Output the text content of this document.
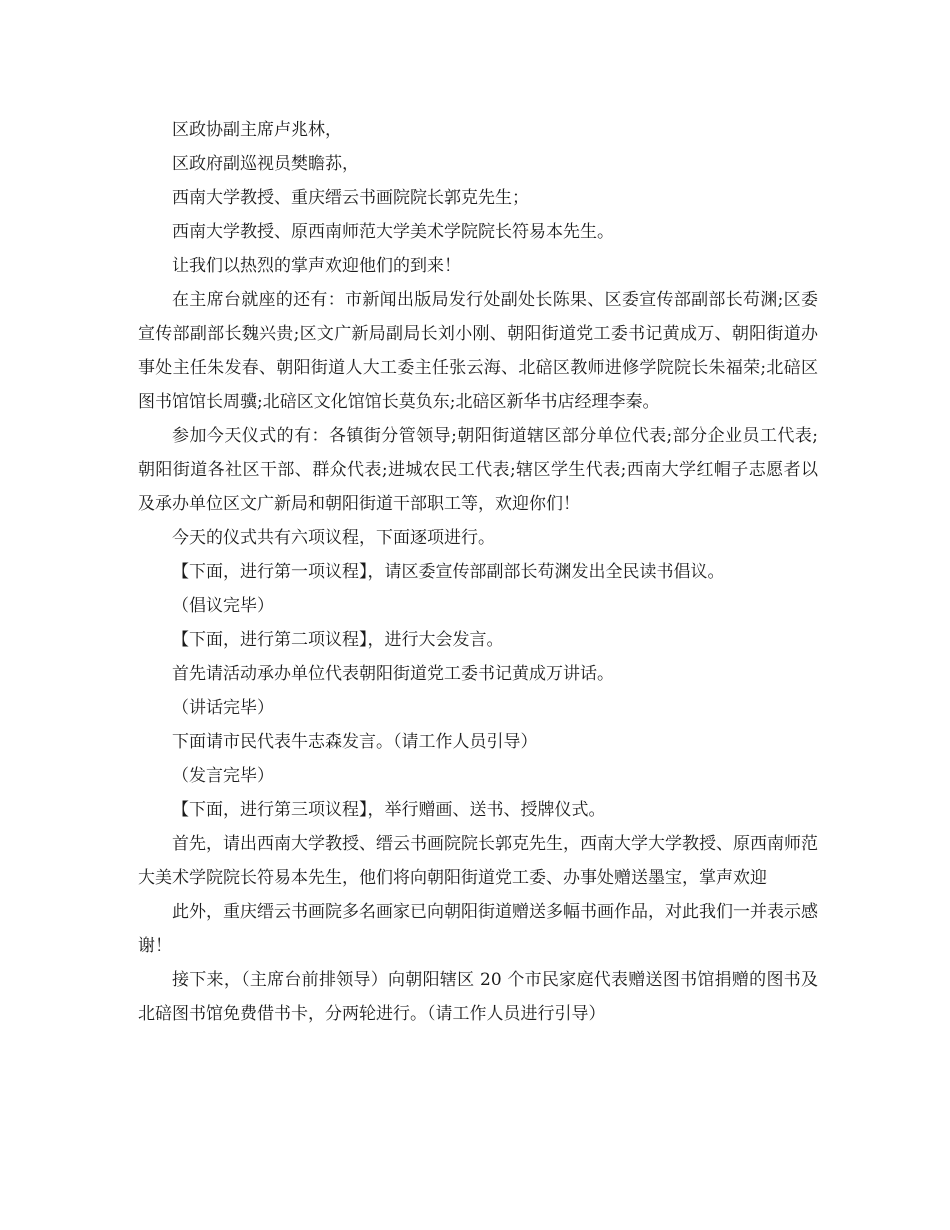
区政协副主席卢兆林，

区政府副巡视员樊瞻荪，

西南大学教授、重庆缙云书画院院长郭克先生；

西南大学教授、原西南师范大学美术学院院长符易本先生。

让我们以热烈的掌声欢迎他们的到来！

在主席台就座的还有：市新闻出版局发行处副处长陈果、区委宣传部副部长苟渊;区委宣传部副部长魏兴贵;区文广新局副局长刘小刚、朝阳街道党工委书记黄成万、朝阳街道办事处主任朱发春、朝阳街道人大工委主任张云海、北碚区教师进修学院院长朱福荣;北碚区图书馆馆长周骥;北碚区文化馆馆长莫负东;北碚区新华书店经理李秦。

参加今天仪式的有：各镇街分管领导;朝阳街道辖区部分单位代表;部分企业员工代表;朝阳街道各社区干部、群众代表;进城农民工代表;辖区学生代表;西南大学红帽子志愿者以及承办单位区文广新局和朝阳街道干部职工等，欢迎你们！

今天的仪式共有六项议程，下面逐项进行。

【下面，进行第一项议程】，请区委宣传部副部长苟渊发出全民读书倡议。

（倡议完毕）

【下面，进行第二项议程】，进行大会发言。

首先请活动承办单位代表朝阳街道党工委书记黄成万讲话。

（讲话完毕）

下面请市民代表牛志森发言。（请工作人员引导）

（发言完毕）

【下面，进行第三项议程】，举行赠画、送书、授牌仪式。

首先，请出西南大学教授、缙云书画院院长郭克先生，西南大学大学教授、原西南师范大美术学院院长符易本先生，他们将向朝阳街道党工委、办事处赠送墨宝，掌声欢迎

此外，重庆缙云书画院多名画家已向朝阳街道赠送多幅书画作品，对此我们一并表示感谢！

接下来，（主席台前排领导）向朝阳辖区 20 个市民家庭代表赠送图书馆捐赠的图书及北碚图书馆免费借书卡，分两轮进行。（请工作人员进行引导）
